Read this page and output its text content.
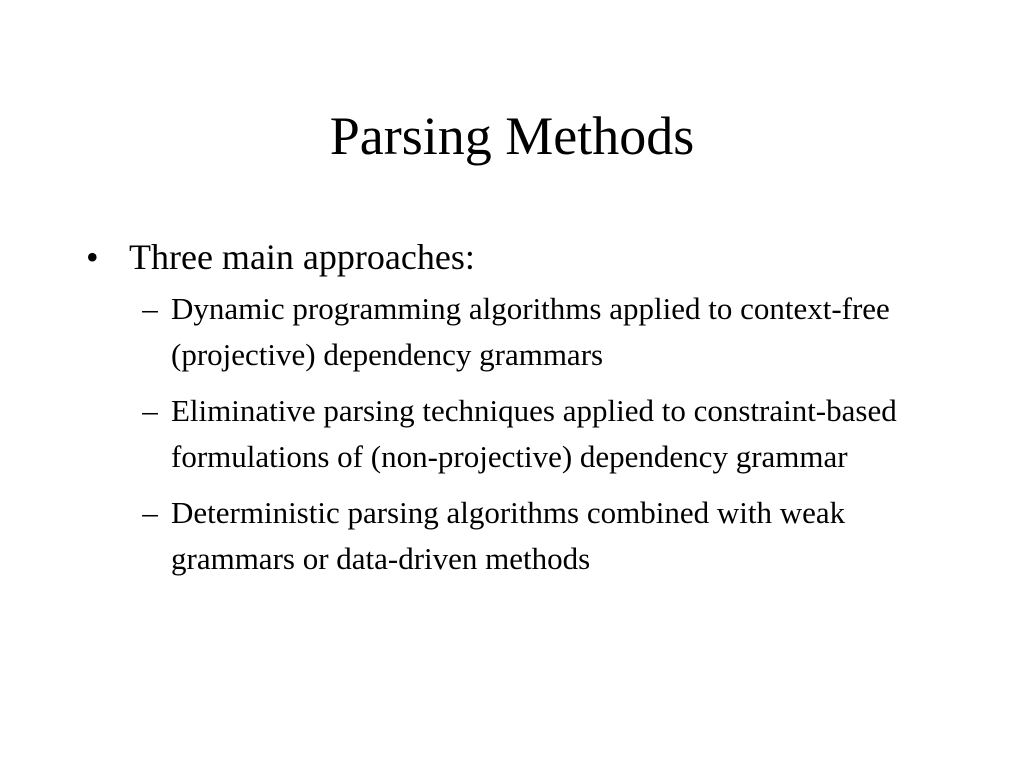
Parsing Methods
• Three main approaches:
– Dynamic programming algorithms applied to context-free (projective) dependency grammars
– Eliminative parsing techniques applied to constraint-based formulations of (non-projective) dependency grammar
– Deterministic parsing algorithms combined with weak grammars or data-driven methods
